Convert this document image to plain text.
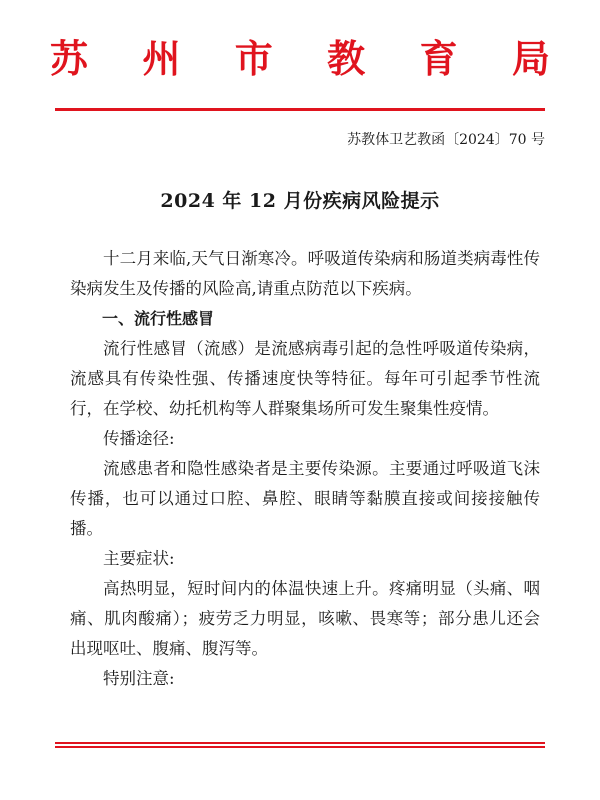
苏 州 市 教 育 局
苏教体卫艺教函〔2024〕70 号
2024 年 12 月份疾病风险提示

十二月来临,天气日渐寒冷。呼吸道传染病和肠道类病毒性传染病发生及传播的风险高,请重点防范以下疾病。

一、流行性感冒

流行性感冒（流感）是流感病毒引起的急性呼吸道传染病，流感具有传染性强、传播速度快等特征。每年可引起季节性流行，在学校、幼托机构等人群聚集场所可发生聚集性疫情。

传播途径:

流感患者和隐性感染者是主要传染源。主要通过呼吸道飞沫传播，也可以通过口腔、鼻腔、眼睛等黏膜直接或间接接触传播。

主要症状:

高热明显，短时间内的体温快速上升。疼痛明显（头痛、咽痛、肌肉酸痛）；疲劳乏力明显，咳嗽、畏寒等；部分患儿还会出现呕吐、腹痛、腹泻等。

特别注意:
